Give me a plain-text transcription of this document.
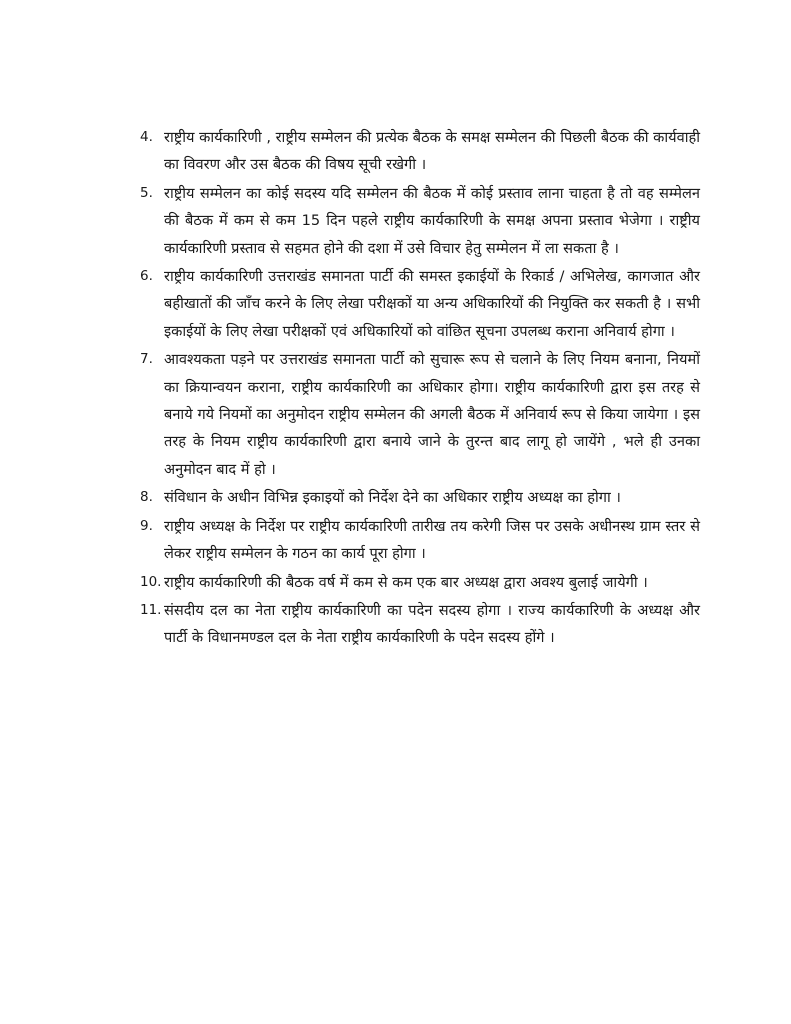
4. राष्ट्रीय कार्यकारिणी , राष्ट्रीय सम्मेलन की प्रत्येक बैठक के समक्ष सम्मेलन की पिछली बैठक की कार्यवाही का विवरण और उस बैठक की विषय सूची रखेगी ।
5. राष्ट्रीय सम्मेलन का कोई सदस्य यदि सम्मेलन की बैठक में कोई प्रस्ताव लाना चाहता है तो वह सम्मेलन की बैठक में कम से कम 15 दिन पहले राष्ट्रीय कार्यकारिणी के समक्ष अपना प्रस्ताव भेजेगा । राष्ट्रीय कार्यकारिणी प्रस्ताव से सहमत होने की दशा में उसे विचार हेतु सम्मेलन में ला सकता है ।
6. राष्ट्रीय कार्यकारिणी उत्तराखंड समानता पार्टी की समस्त इकाईयों के रिकार्ड / अभिलेख, कागजात और बहीखातों की जाँच करने के लिए लेखा परीक्षकों या अन्य अधिकारियों की नियुक्ति कर सकती है । सभी इकाईयों के लिए लेखा परीक्षकों एवं अधिकारियों को वांछित सूचना उपलब्ध कराना अनिवार्य होगा ।
7. आवश्यकता पड़ने पर उत्तराखंड समानता पार्टी को सुचारू रूप से चलाने के लिए नियम बनाना, नियमों का क्रियान्वयन कराना, राष्ट्रीय कार्यकारिणी का अधिकार होगा। राष्ट्रीय कार्यकारिणी द्वारा इस तरह से बनाये गये नियमों का अनुमोदन राष्ट्रीय सम्मेलन की अगली बैठक में अनिवार्य रूप से किया जायेगा । इस तरह के नियम राष्ट्रीय कार्यकारिणी द्वारा बनाये जाने के तुरन्त बाद लागू हो जायेंगे , भले ही उनका अनुमोदन बाद में हो ।
8. संविधान के अधीन विभिन्न इकाइयों को निर्देश देने का अधिकार राष्ट्रीय अध्यक्ष का होगा ।
9. राष्ट्रीय अध्यक्ष के निर्देश पर राष्ट्रीय कार्यकारिणी तारीख तय करेगी जिस पर उसके अधीनस्थ ग्राम स्तर से लेकर राष्ट्रीय सम्मेलन के गठन का कार्य पूरा होगा ।
10. राष्ट्रीय कार्यकारिणी की बैठक वर्ष में कम से कम एक बार अध्यक्ष द्वारा अवश्य बुलाई जायेगी ।
11. संसदीय दल का नेता राष्ट्रीय कार्यकारिणी का पदेन सदस्य होगा । राज्य कार्यकारिणी के अध्यक्ष और पार्टी के विधानमण्डल दल के नेता राष्ट्रीय कार्यकारिणी के पदेन सदस्य होंगे ।
